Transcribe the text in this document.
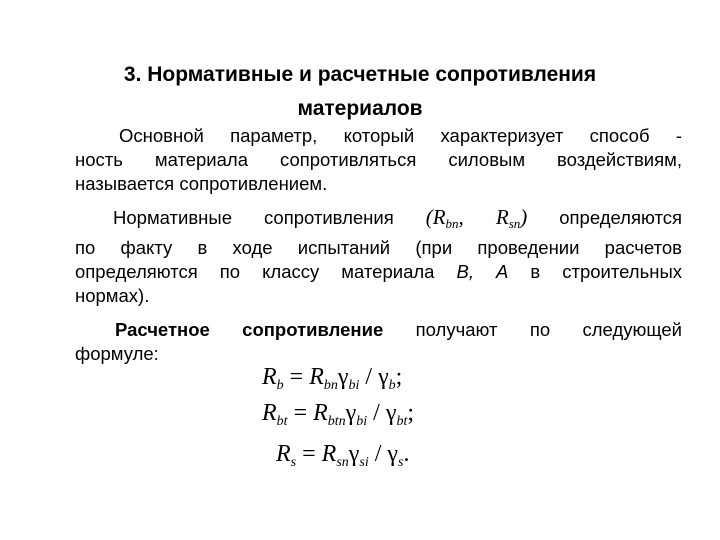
3. Нормативные и расчетные сопротивления
материалов
Основной параметр, который характеризует способ -
ность материала сопротивляться силовым воздействиям,
называется сопротивлением.
Нормативные сопротивления ($R_{bn}$, $R_{sn}$) определяются
по факту в ходе испытаний (при проведении расчетов
определяются по классу материала B, A в строительных
нормах).
Расчетное сопротивление получают по следующей
формуле:
$R_b = R_{bn}\gamma_{bi} / \gamma_b$;
$R_{bt} = R_{btn}\gamma_{bi} / \gamma_{bt}$;
$R_s = R_{sn}\gamma_{si} / \gamma_s$.
